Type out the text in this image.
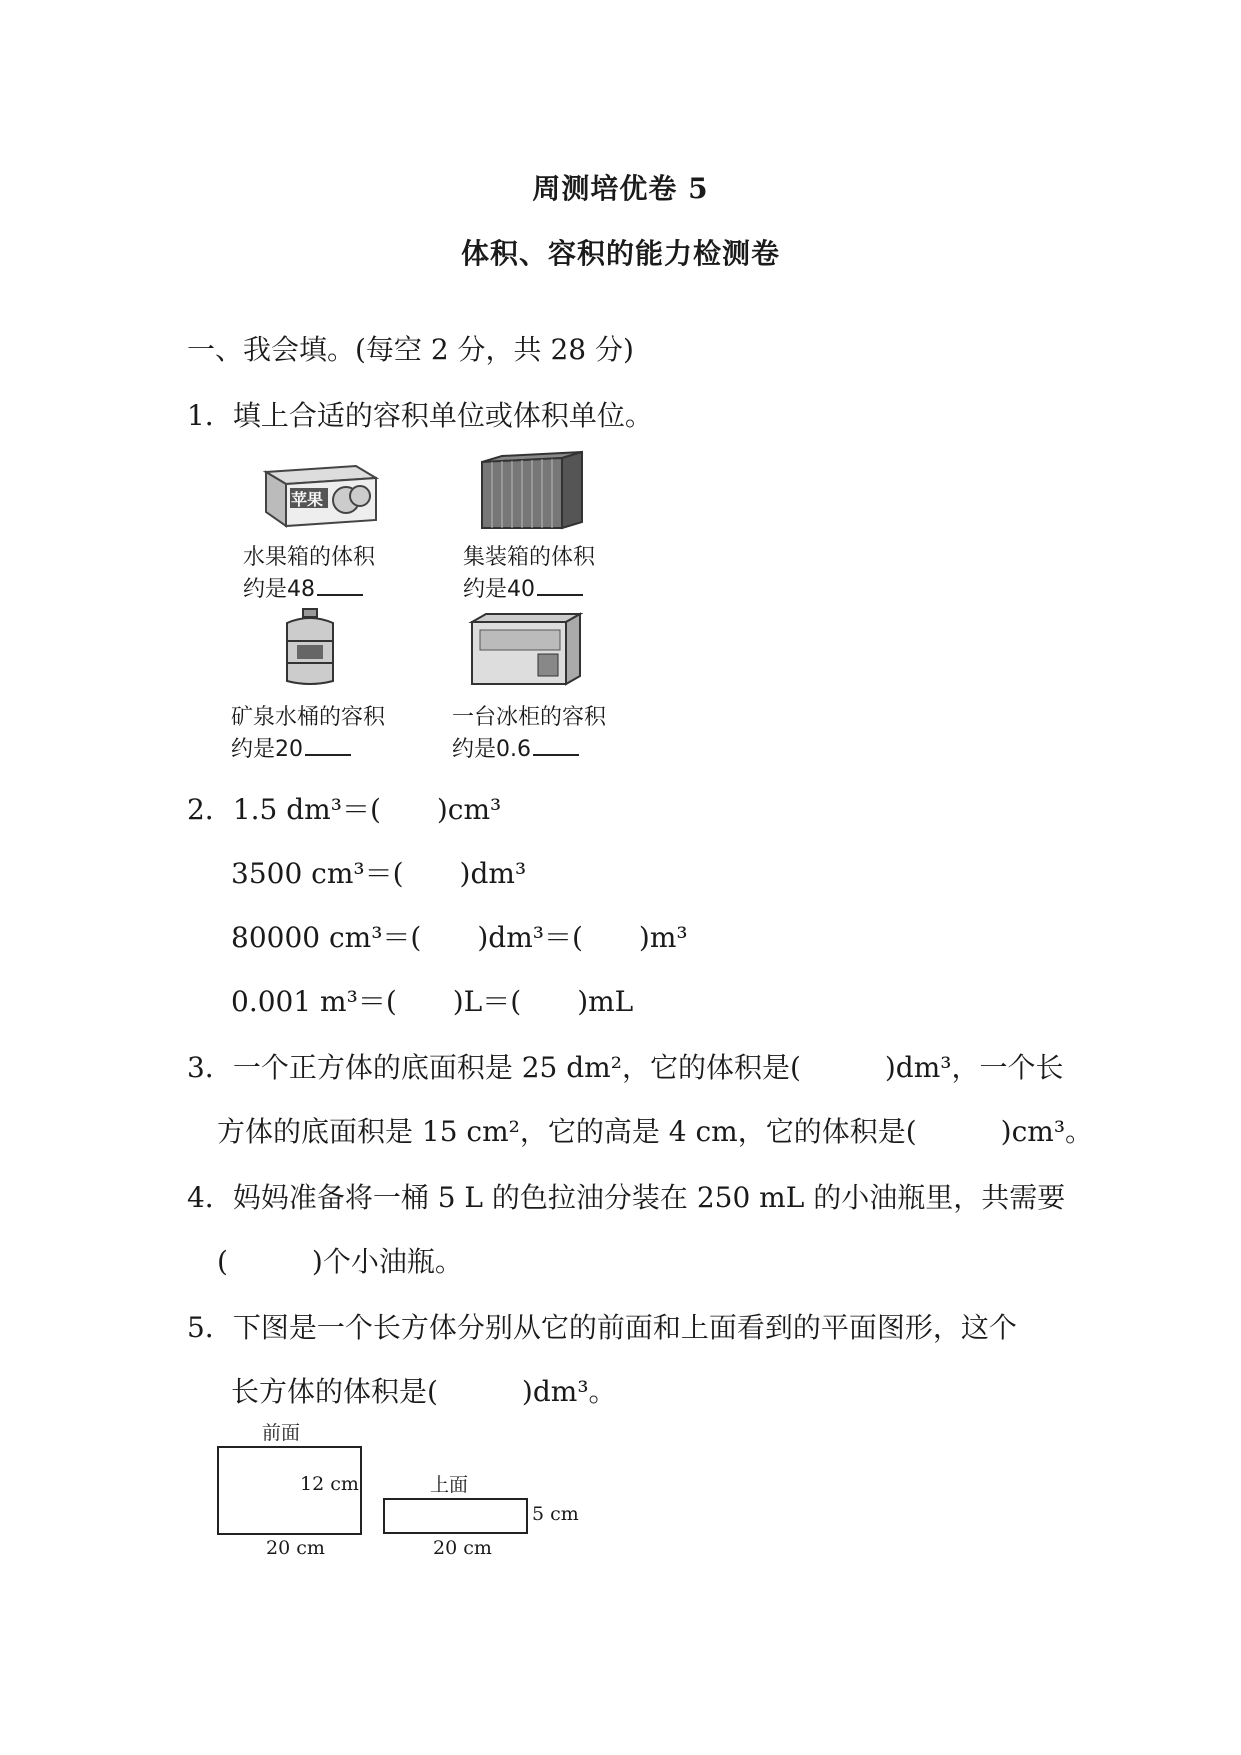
周测培优卷 5
体积、容积的能力检测卷
一、我会填。(每空 2 分，共 28 分)
1．填上合适的容积单位或体积单位。
苹果
水果箱的体积
约是48
集装箱的体积
约是40
矿泉水桶的容积
约是20
一台冰柜的容积
约是0.6
2．1.5 dm³＝(　　)cm³
3500 cm³＝(　　)dm³
80000 cm³＝(　　)dm³＝(　　)m³
0.001 m³＝(　　)L＝(　　)mL
3．一个正方体的底面积是 25 dm²，它的体积是(　　　)dm³，一个长
方体的底面积是 15 cm²，它的高是 4 cm，它的体积是(　　　)cm³。
4．妈妈准备将一桶 5 L 的色拉油分装在 250 mL 的小油瓶里，共需要
(　　　)个小油瓶。
5．下图是一个长方体分别从它的前面和上面看到的平面图形，这个
长方体的体积是(　　　)dm³。
前面
12 cm
20 cm
上面
5 cm
20 cm
